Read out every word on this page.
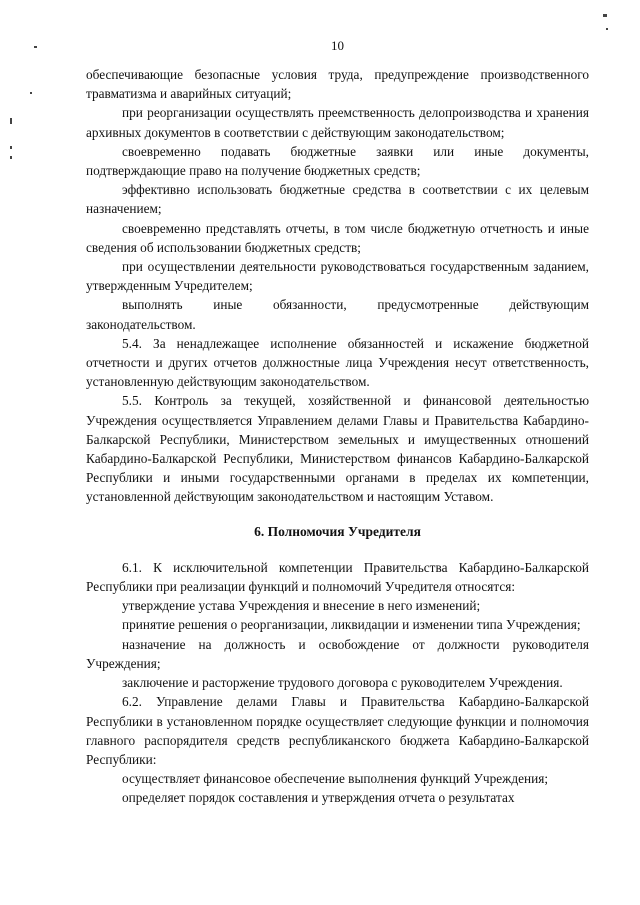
10

обеспечивающие безопасные условия труда, предупреждение производственного травматизма и аварийных ситуаций;

при реорганизации осуществлять преемственность делопроизводства и хранения архивных документов в соответствии с действующим законодательством;

своевременно подавать бюджетные заявки или иные документы, подтверждающие право на получение бюджетных средств;

эффективно использовать бюджетные средства в соответствии с их целевым назначением;

своевременно представлять отчеты, в том числе бюджетную отчетность и иные сведения об использовании бюджетных средств;

при осуществлении деятельности руководствоваться государственным заданием, утвержденным Учредителем;

выполнять иные обязанности, предусмотренные действующим законодательством.

5.4. За ненадлежащее исполнение обязанностей и искажение бюджетной отчетности и других отчетов должностные лица Учреждения несут ответственность, установленную действующим законодательством.

5.5. Контроль за текущей, хозяйственной и финансовой деятельностью Учреждения осуществляется Управлением делами Главы и Правительства Кабардино-Балкарской Республики, Министерством земельных и имущественных отношений Кабардино-Балкарской Республики, Министерством финансов Кабардино-Балкарской Республики и иными государственными органами в пределах их компетенции, установленной действующим законодательством и настоящим Уставом.

6. Полномочия Учредителя

6.1. К исключительной компетенции Правительства Кабардино-Балкарской Республики при реализации функций и полномочий Учредителя относятся:

утверждение устава Учреждения и внесение в него изменений;

принятие решения о реорганизации, ликвидации и изменении типа Учреждения;

назначение на должность и освобождение от должности руководителя Учреждения;

заключение и расторжение трудового договора с руководителем Учреждения.

6.2. Управление делами Главы и Правительства Кабардино-Балкарской Республики в установленном порядке осуществляет следующие функции и полномочия главного распорядителя средств республиканского бюджета Кабардино-Балкарской Республики:

осуществляет финансовое обеспечение выполнения функций Учреждения;

определяет порядок составления и утверждения отчета о результатах
